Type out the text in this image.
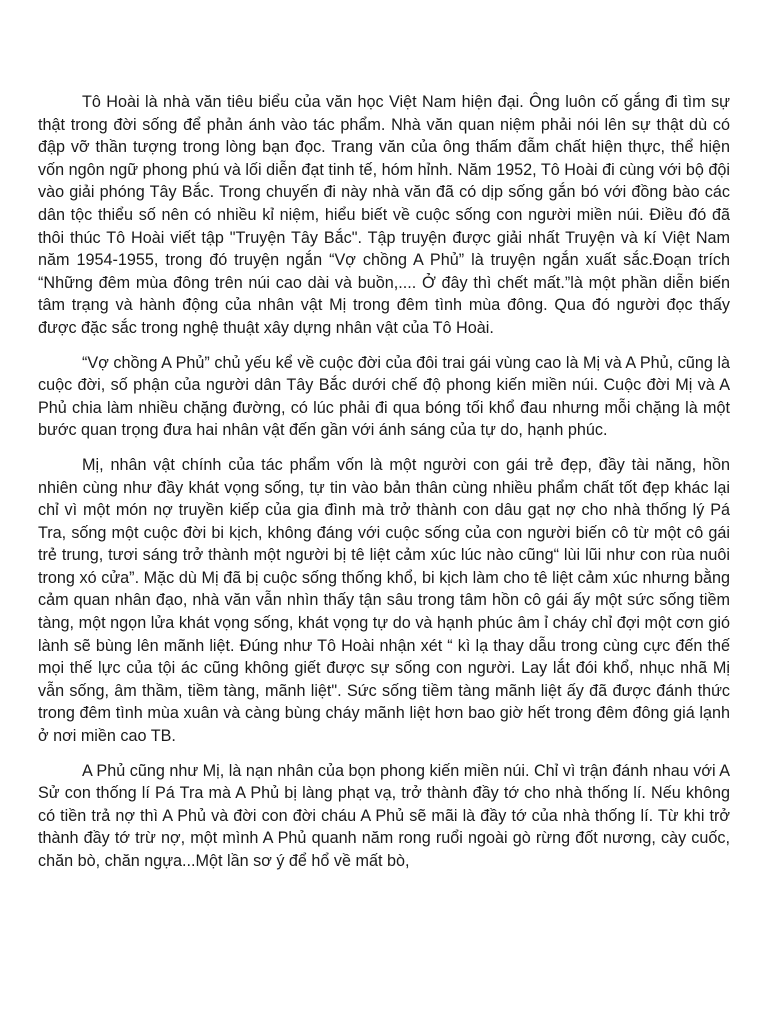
Tô Hoài là nhà văn tiêu biểu của văn học Việt Nam hiện đại. Ông luôn cố gắng đi tìm sự thật trong đời sống để phản ánh vào tác phẩm. Nhà văn quan niệm phải nói lên sự thật dù có đập vỡ thần tượng trong lòng bạn đọc. Trang văn của ông thấm đẫm chất hiện thực, thể hiện vốn ngôn ngữ phong phú và lối diễn đạt tinh tế, hóm hỉnh. Năm 1952, Tô Hoài đi cùng với bộ đội vào giải phóng Tây Bắc. Trong chuyến đi này nhà văn đã có dịp sống gắn bó với đồng bào các dân tộc thiểu số nên có nhiều kỉ niệm, hiểu biết về cuộc sống con người miền núi. Điều đó đã thôi thúc Tô Hoài viết tập "Truyện Tây Bắc". Tập truyện được giải nhất Truyện và kí Việt Nam năm 1954-1955, trong đó truyện ngắn “Vợ chồng A Phủ” là truyện ngắn xuất sắc.Đoạn trích “Những đêm mùa đông trên núi cao dài và buồn,.... Ở đây thì chết mất.”là một phần diễn biến tâm trạng và hành động của nhân vật Mị trong đêm tình mùa đông. Qua đó người đọc thấy được đặc sắc trong nghệ thuật xây dựng nhân vật của Tô Hoài.

“Vợ chồng A Phủ” chủ yếu kể về cuộc đời của đôi trai gái vùng cao là Mị và A Phủ, cũng là cuộc đời, số phận của người dân Tây Bắc dưới chế độ phong kiến miền núi. Cuộc đời Mị và A Phủ chia làm nhiều chặng đường, có lúc phải đi qua bóng tối khổ đau nhưng mỗi chặng là một bước quan trọng đưa hai nhân vật đến gần với ánh sáng của tự do, hạnh phúc.

Mị, nhân vật chính của tác phẩm vốn là một người con gái trẻ đẹp, đầy tài năng, hồn nhiên cùng như đầy khát vọng sống, tự tin vào bản thân cùng nhiều phẩm chất tốt đẹp khác lại chỉ vì một món nợ truyền kiếp của gia đình mà trở thành con dâu gạt nợ cho nhà thống lý Pá Tra, sống một cuộc đời bi kịch, không đáng với cuộc sống của con người biến cô từ một cô gái trẻ trung, tươi sáng trở thành một người bị tê liệt cảm xúc lúc nào cũng“ lùi lũi như con rùa nuôi trong xó cửa”. Mặc dù Mị đã bị cuộc sống thống khổ, bi kịch làm cho tê liệt cảm xúc nhưng bằng cảm quan nhân đạo, nhà văn vẫn nhìn thấy tận sâu trong tâm hồn cô gái ấy một sức sống tiềm tàng, một ngọn lửa khát vọng sống, khát vọng tự do và hạnh phúc âm ỉ cháy chỉ đợi một cơn gió lành sẽ bùng lên mãnh liệt. Đúng như Tô Hoài nhận xét “ kì lạ thay dẫu trong cùng cực đến thế mọi thế lực của tội ác cũng không giết được sự sống con người. Lay lắt đói khổ, nhục nhã Mị vẫn sống, âm thầm, tiềm tàng, mãnh liệt". Sức sống tiềm tàng mãnh liệt ấy đã được đánh thức trong đêm tình mùa xuân và càng bùng cháy mãnh liệt hơn bao giờ hết trong đêm đông giá lạnh ở nơi miền cao TB.

A Phủ cũng như Mị, là nạn nhân của bọn phong kiến miền núi. Chỉ vì trận đánh nhau với A Sử con thống lí Pá Tra mà A Phủ bị làng phạt vạ, trở thành đầy tớ cho nhà thống lí. Nếu không có tiền trả nợ thì A Phủ và đời con đời cháu A Phủ sẽ mãi là đầy tớ của nhà thống lí. Từ khi trở thành đầy tớ trừ nợ, một mình A Phủ quanh năm rong ruổi ngoài gò rừng đốt nương, cày cuốc, chăn bò, chăn ngựa...Một lần sơ ý để hổ về mất bò,
